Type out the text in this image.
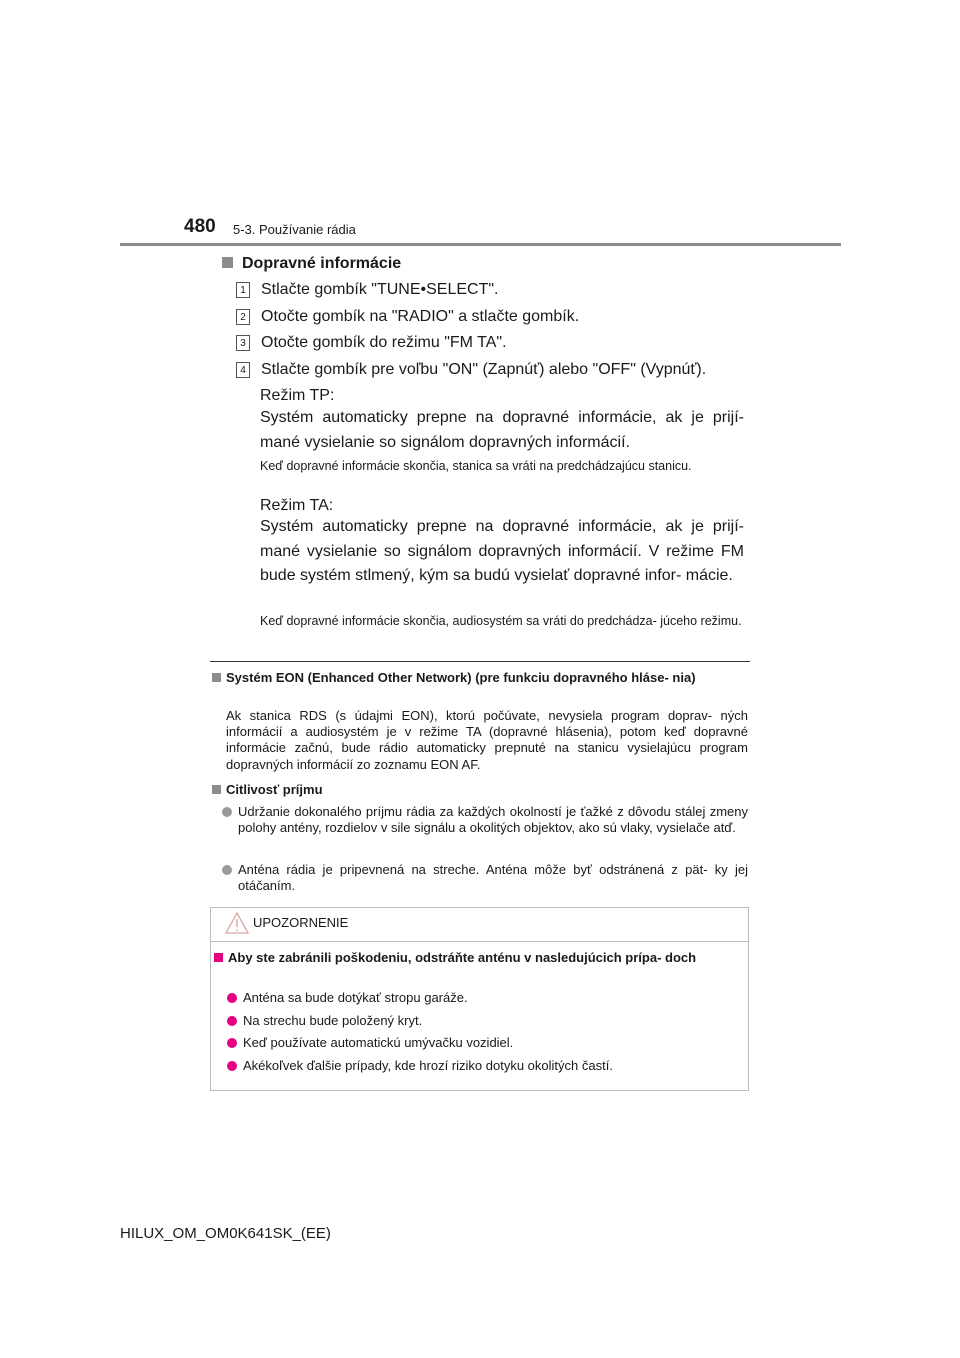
480 5-3. Používanie rádia
Dopravné informácie
1 Stlačte gombík "TUNE•SELECT".
2 Otočte gombík na "RADIO" a stlačte gombík.
3 Otočte gombík do režimu "FM TA".
4 Stlačte gombík pre voľbu "ON" (Zapnúť) alebo "OFF" (Vypnúť).
Režim TP:
Systém automaticky prepne na dopravné informácie, ak je prijí- mané vysielanie so signálom dopravných informácií.
Keď dopravné informácie skončia, stanica sa vráti na predchádzajúcu stanicu.
Režim TA:
Systém automaticky prepne na dopravné informácie, ak je prijí- mané vysielanie so signálom dopravných informácií. V režime FM bude systém stlmený, kým sa budú vysielať dopravné infor- mácie.
Keď dopravné informácie skončia, audiosystém sa vráti do predchádza- júceho režimu.
Systém EON (Enhanced Other Network) (pre funkciu dopravného hláse- nia)
Ak stanica RDS (s údajmi EON), ktorú počúvate, nevysiela program doprav- ných informácií a audiosystém je v režime TA (dopravné hlásenia), potom keď dopravné informácie začnú, bude rádio automaticky prepnuté na stanicu vysielajúcu program dopravných informácií zo zoznamu EON AF.
Citlivosť príjmu
Udržanie dokonalého príjmu rádia za každých okolností je ťažké z dôvodu stálej zmeny polohy antény, rozdielov v sile signálu a okolitých objektov, ako sú vlaky, vysielače atď.
Anténa rádia je pripevnená na streche. Anténa môže byť odstránená z pät- ky jej otáčaním.
UPOZORNENIE
Aby ste zabránili poškodeniu, odstráňte anténu v nasledujúcich prípa- doch
Anténa sa bude dotýkať stropu garáže.
Na strechu bude položený kryt.
Keď používate automatickú umývačku vozidiel.
Akékoľvek ďalšie prípady, kde hrozí riziko dotyku okolitých častí.
HILUX_OM_OM0K641SK_(EE)
